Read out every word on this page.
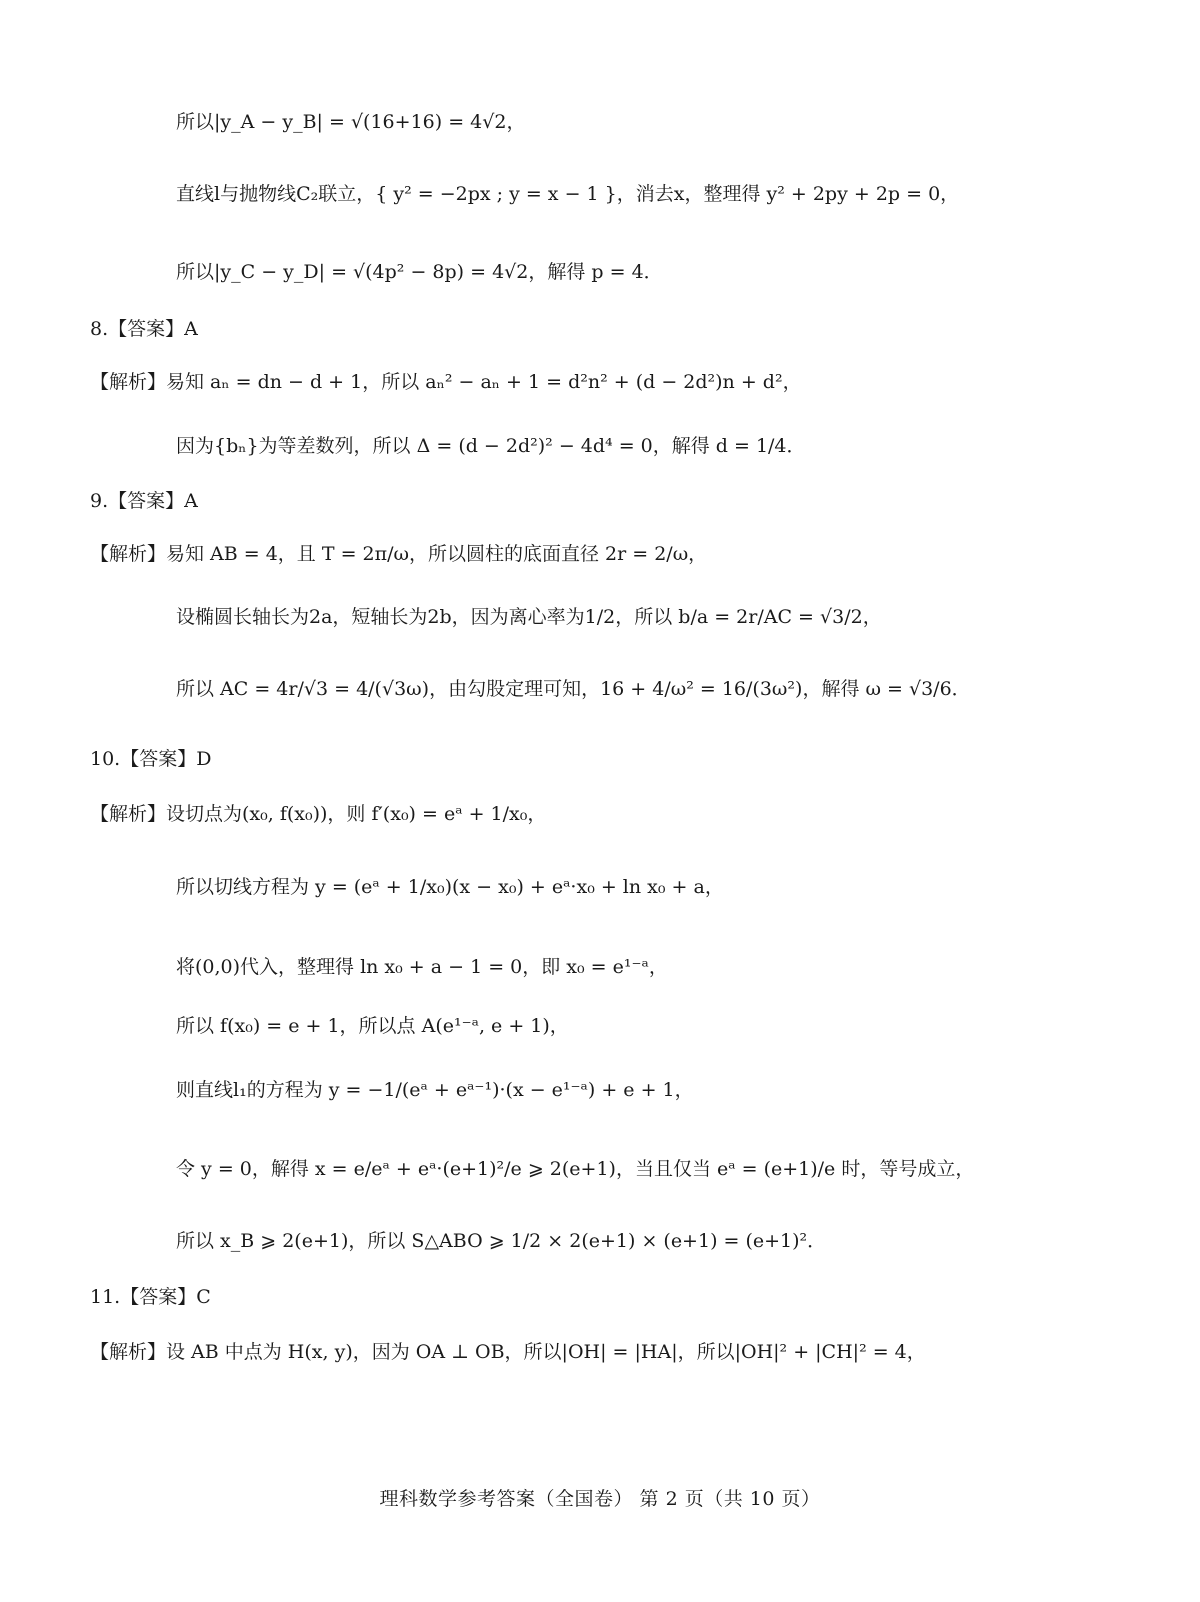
所以|y_A − y_B| = √(16+16) = 4√2，
直线l与抛物线C₂联立，{ y² = −2px ; y = x − 1 }，消去x，整理得 y² + 2py + 2p = 0，
所以|y_C − y_D| = √(4p² − 8p) = 4√2，解得 p = 4．
8.【答案】A
【解析】易知 aₙ = dn − d + 1，所以 aₙ² − aₙ + 1 = d²n² + (d − 2d²)n + d²，
因为{bₙ}为等差数列，所以 Δ = (d − 2d²)² − 4d⁴ = 0，解得 d = 1/4．
9.【答案】A
【解析】易知 AB = 4，且 T = 2π/ω，所以圆柱的底面直径 2r = 2/ω，
设椭圆长轴长为2a，短轴长为2b，因为离心率为1/2，所以 b/a = 2r/AC = √3/2，
所以 AC = 4r/√3 = 4/(√3ω)，由勾股定理可知，16 + 4/ω² = 16/(3ω²)，解得 ω = √3/6．
10.【答案】D
【解析】设切点为(x₀, f(x₀))，则 f′(x₀) = eᵃ + 1/x₀，
所以切线方程为 y = (eᵃ + 1/x₀)(x − x₀) + eᵃ·x₀ + ln x₀ + a，
将(0,0)代入，整理得 ln x₀ + a − 1 = 0，即 x₀ = e¹⁻ᵃ，
所以 f(x₀) = e + 1，所以点 A(e¹⁻ᵃ, e + 1)，
则直线l₁的方程为 y = −1/(eᵃ + eᵃ⁻¹)·(x − e¹⁻ᵃ) + e + 1，
令 y = 0，解得 x = e/eᵃ + eᵃ·(e+1)²/e ⩾ 2(e+1)，当且仅当 eᵃ = (e+1)/e 时，等号成立，
所以 x_B ⩾ 2(e+1)，所以 S△ABO ⩾ 1/2 × 2(e+1) × (e+1) = (e+1)²．
11.【答案】C
【解析】设 AB 中点为 H(x, y)，因为 OA ⊥ OB，所以|OH| = |HA|，所以|OH|² + |CH|² = 4，
理科数学参考答案（全国卷） 第 2 页（共 10 页）
